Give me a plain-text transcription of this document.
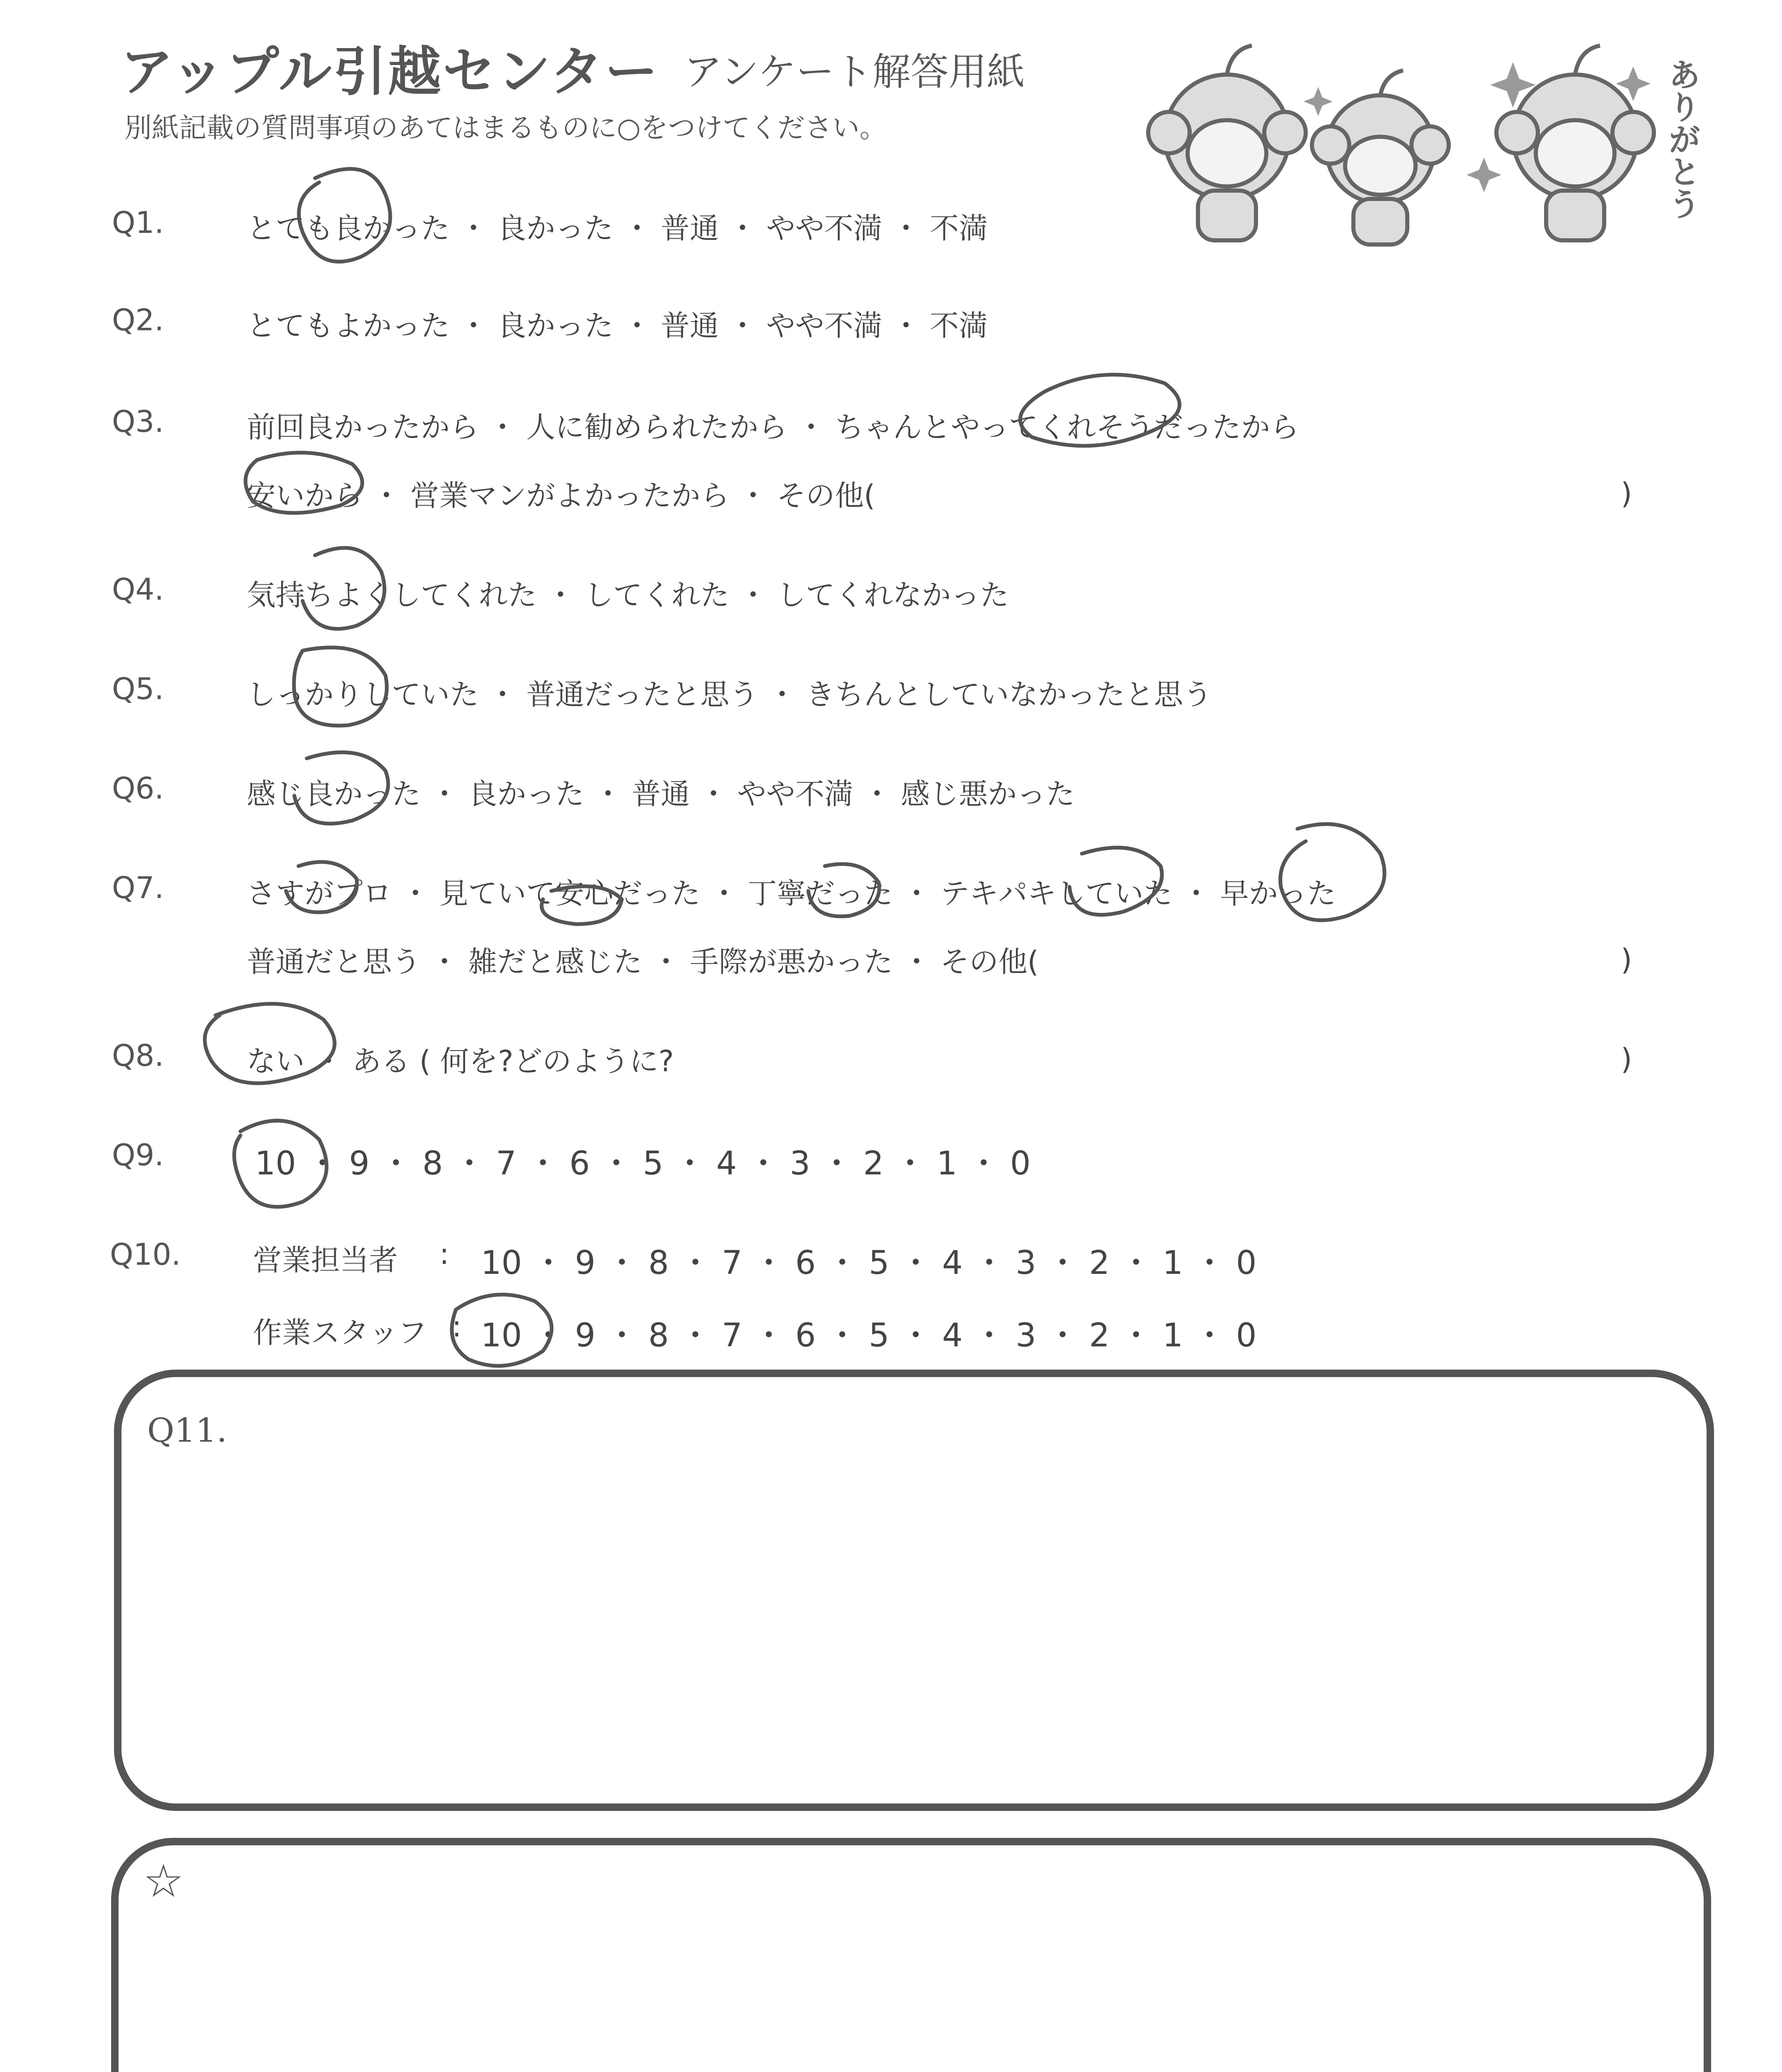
アップル引越センター アンケート解答用紙
別紙記載の質問事項のあてはまるものに○をつけてください。	ありがとう
Q1.	とても良かった ・ 良かった ・ 普通 ・ やや不満 ・ 不満
Q2.	とてもよかった ・ 良かった ・ 普通 ・ やや不満 ・ 不満
Q3.	前回良かったから ・ 人に勧められたから ・ ちゃんとやってくれそうだったから
安いから ・ 営業マンがよかったから ・ その他(	)
Q4.	気持ちよくしてくれた ・ してくれた ・ してくれなかった
Q5.	しっかりしていた ・ 普通だったと思う ・ きちんとしていなかったと思う
Q6.	感じ良かった ・ 良かった ・ 普通 ・ やや不満 ・ 感じ悪かった
Q7.	さすがプロ ・ 見ていて安心だった ・ 丁寧だった ・ テキパキしていた ・ 早かった
普通だと思う ・ 雑だと感じた ・ 手際が悪かった ・ その他(	)
Q8.	ない ・ ある ( 何を?どのように?	)
Q9.	10 ・ 9 ・ 8 ・ 7 ・ 6 ・ 5 ・ 4 ・ 3 ・ 2 ・ 1 ・ 0
Q10. 営業担当者 : 10 ・ 9 ・ 8 ・ 7 ・ 6 ・ 5 ・ 4 ・ 3 ・ 2 ・ 1 ・ 0
作業スタッフ : 10 ・ 9 ・ 8 ・ 7 ・ 6 ・ 5 ・ 4 ・ 3 ・ 2 ・ 1 ・ 0
Q11.
☆
